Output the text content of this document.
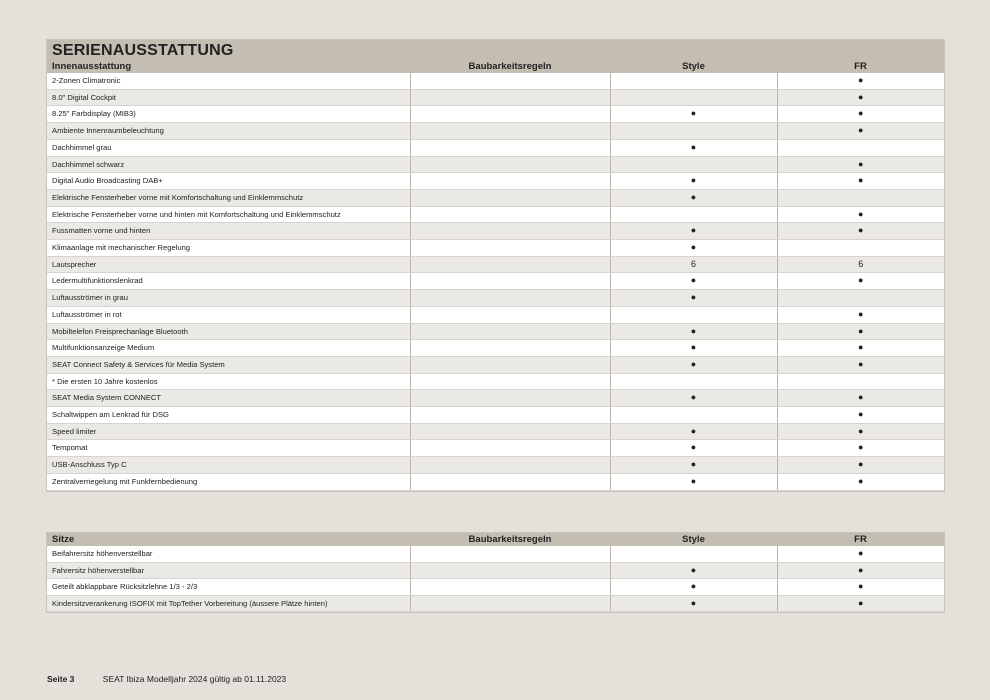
SERIENAUSSTATTUNG
Innenausstattung	Baubarkeitsregeln	Style	FR
2-Zonen Climatronic			●
8.0" Digital Cockpit			●
8.25" Farbdisplay (MIB3)		●	●
Ambiente Innenraumbeleuchtung			●
Dachhimmel grau		●	
Dachhimmel schwarz			●
Digital Audio Broadcasting DAB+		●	●
Elektrische Fensterheber vorne mit Komfortschaltung und Einklemmschutz		●	
Elektrische Fensterheber vorne und hinten mit Komfortschaltung und Einklemmschutz			●
Fussmatten vorne und hinten		●	●
Klimaanlage mit mechanischer Regelung		●	
Lautsprecher		6	6
Ledermultifunktionslenkrad		●	●
Luftausströmer in grau		●	
Luftausströmer in rot			●
Mobiltelefon Freisprechanlage Bluetooth		●	●
Multifunktionsanzeige Medium		●	●
SEAT Connect Safety & Services für Media System		●	●
* Die ersten 10 Jahre kostenlos			
SEAT Media System CONNECT		●	●
Schaltwippen am Lenkrad für DSG			●
Speed limiter		●	●
Tempomat		●	●
USB-Anschluss Typ C		●	●
Zentralverriegelung mit Funkfernbedienung		●	●
Sitze	Baubarkeitsregeln	Style	FR
Beifahrersitz höhenverstellbar			●
Fahrersitz höhenverstellbar		●	●
Geteilt abklappbare Rücksitzlehne 1/3 - 2/3		●	●
Kindersitzverankerung ISOFIX mit TopTether Vorbereitung (äussere Plätze hinten)		●	●
Seite 3	SEAT Ibiza Modelljahr 2024 gültig ab 01.11.2023
